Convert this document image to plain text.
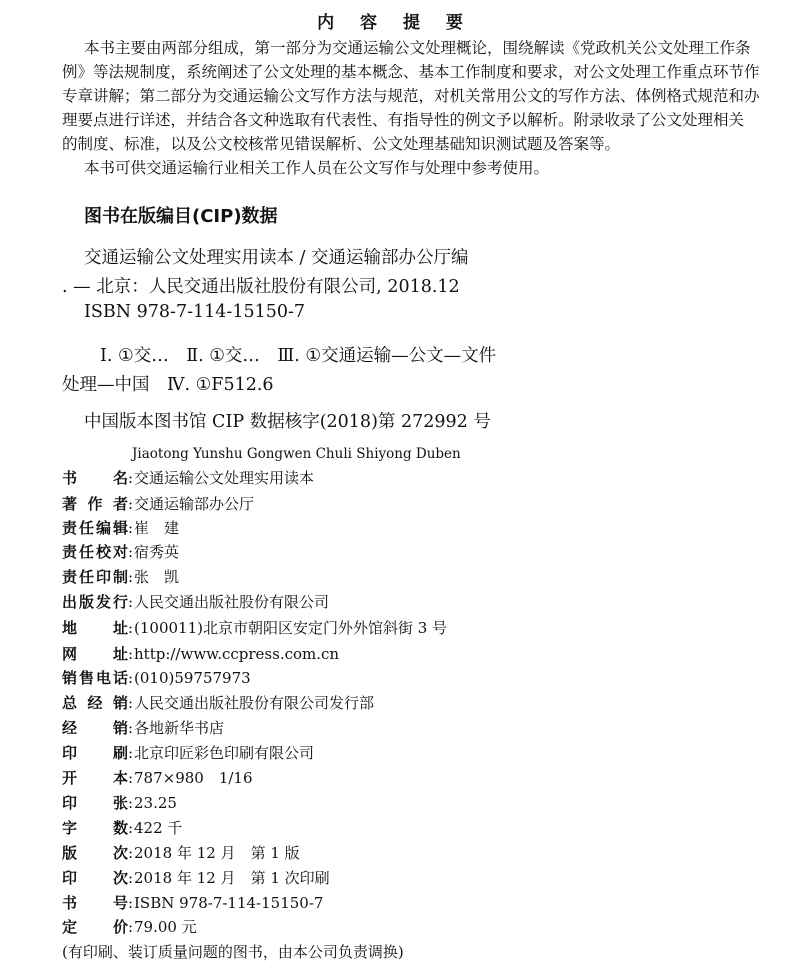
内 容 提 要
本书主要由两部分组成，第一部分为交通运输公文处理概论，围绕解读《党政机关公文处理工作条
例》等法规制度，系统阐述了公文处理的基本概念、基本工作制度和要求，对公文处理工作重点环节作
专章讲解；第二部分为交通运输公文写作方法与规范，对机关常用公文的写作方法、体例格式规范和办
理要点进行详述，并结合各文种选取有代表性、有指导性的例文予以解析。附录收录了公文处理相关
的制度、标准，以及公文校核常见错误解析、公文处理基础知识测试题及答案等。
本书可供交通运输行业相关工作人员在公文写作与处理中参考使用。
图书在版编目(CIP)数据
交通运输公文处理实用读本 / 交通运输部办公厅编
. — 北京：人民交通出版社股份有限公司, 2018.12
ISBN 978-7-114-15150-7
Ⅰ. ①交…　Ⅱ. ①交…　Ⅲ. ①交通运输—公文—文件
处理—中国　Ⅳ. ①F512.6
中国版本图书馆 CIP 数据核字(2018)第 272992 号
Jiaotong Yunshu Gongwen Chuli Shiyong Duben
书名:交通运输公文处理实用读本
著作者:交通运输部办公厅
责任编辑:崔　建
责任校对:宿秀英
责任印制:张　凯
出版发行:人民交通出版社股份有限公司
地址:(100011)北京市朝阳区安定门外外馆斜街 3 号
网址:http://www.ccpress.com.cn
销售电话:(010)59757973
总经销:人民交通出版社股份有限公司发行部
经销:各地新华书店
印刷:北京印匠彩色印刷有限公司
开本:787×980　1/16
印张:23.25
字数:422 千
版次:2018 年 12 月　第 1 版
印次:2018 年 12 月　第 1 次印刷
书号:ISBN 978-7-114-15150-7
定价:79.00 元
(有印刷、装订质量问题的图书，由本公司负责调换)
